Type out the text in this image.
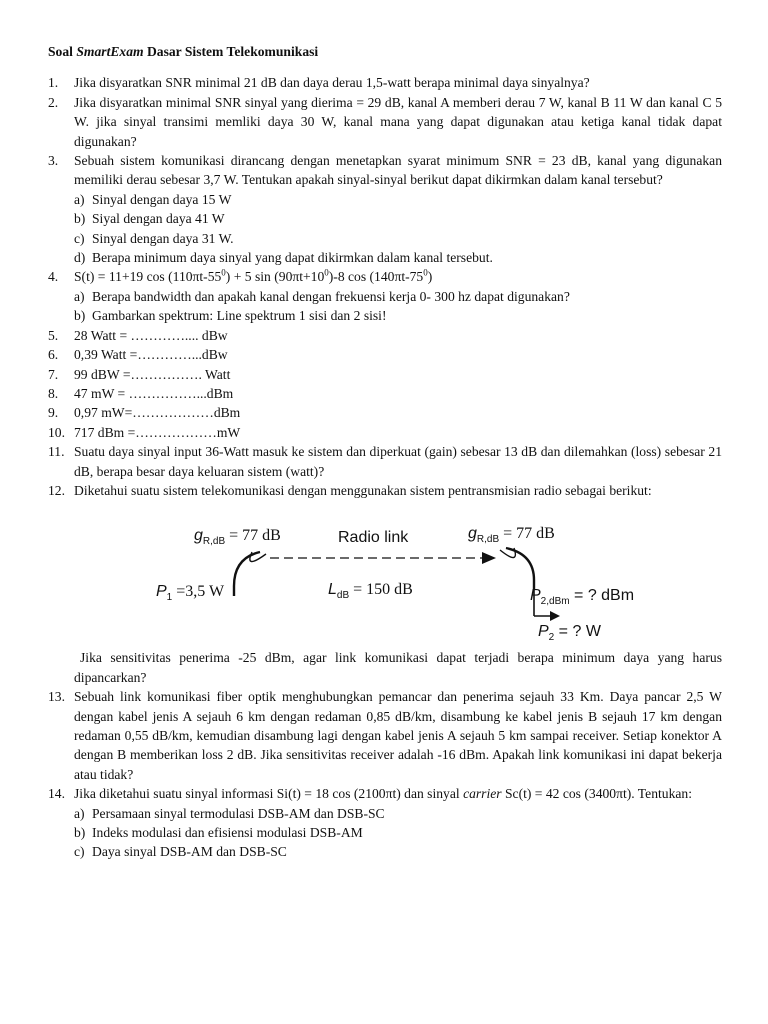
Soal SmartExam Dasar Sistem Telekomunikasi
1.	Jika disyaratkan SNR minimal 21 dB dan daya derau 1,5-watt berapa minimal daya sinyalnya?
2.	Jika disyaratkan minimal SNR sinyal yang dierima = 29 dB, kanal A memberi derau 7 W, kanal B 11 W dan kanal C 5 W. jika sinyal transimi memliki daya 30 W, kanal mana yang dapat digunakan atau ketiga kanal tidak dapat digunakan?
3.	Sebuah sistem komunikasi dirancang dengan menetapkan syarat minimum SNR = 23 dB, kanal yang digunakan memiliki derau sebesar 3,7 W. Tentukan apakah sinyal-sinyal berikut dapat dikirmkan dalam kanal tersebut?
a) Sinyal dengan daya 15 W
b) Siyal dengan daya 41 W
c) Sinyal dengan daya 31 W.
d) Berapa minimum daya sinyal yang dapat dikirmkan dalam kanal tersebut.
4.	S(t) = 11+19 $\cos (110\pi t-55^0) + 5$ $\sin (90\pi t+10^0)-8$ $\cos (140\pi t-75^0)$
a) Berapa bandwidth dan apakah kanal dengan frekuensi kerja 0- 300 hz dapat digunakan?
b) Gambarkan spektrum: Line spektrum 1 sisi dan 2 sisi!
5.	28 Watt = ………….... dBw
6.	0,39 Watt =…………...dBw
7.	99 dBW =……………. Watt
8.	47 mW = ……………...dBm
9.	0,97 mW=………………dBm
10. 717 dBm =………………mW
11. Suatu daya sinyal input 36-Watt masuk ke sistem dan diperkuat (gain) sebesar 13 dB dan dilemahkan (loss) sebesar 21 dB, berapa besar daya keluaran sistem (watt)?
12. Diketahui suatu sistem telekomunikasi dengan menggunakan sistem pentransmisian radio sebagai berikut:
$g_{R,dB} = 77$ dB	Radio link	$g_{R,dB} = 77$ dB
$P_1 =3,5$ W	$L_{dB} = 150$ dB	$P_{2,dBm}$ = ? dBm
$P_2$ = ? W
Jika sensitivitas penerima -25 dBm, agar link komunikasi dapat terjadi berapa minimum daya yang harus dipancarkan?
13. Sebuah link komunikasi fiber optik menghubungkan pemancar dan penerima sejauh 33 Km. Daya pancar 2,5 W dengan kabel jenis A sejauh 6 km dengan redaman 0,85 dB/km, disambung ke kabel jenis B sejauh 17 km dengan redaman 0,55 dB/km, kemudian disambung lagi dengan kabel jenis A sejauh 5 km sampai receiver. Setiap konektor A dengan B memberikan loss 2 dB. Jika sensitivitas receiver adalah -16 dBm. Apakah link komunikasi ini dapat bekerja atau tidak?
14. Jika diketahui suatu sinyal informasi Si(t) = 18 cos (2100πt) dan sinyal carrier Sc(t) = 42 cos (3400πt). Tentukan:
a) Persamaan sinyal termodulasi DSB-AM dan DSB-SC
b) Indeks modulasi dan efisiensi modulasi DSB-AM
c) Daya sinyal DSB-AM dan DSB-SC
